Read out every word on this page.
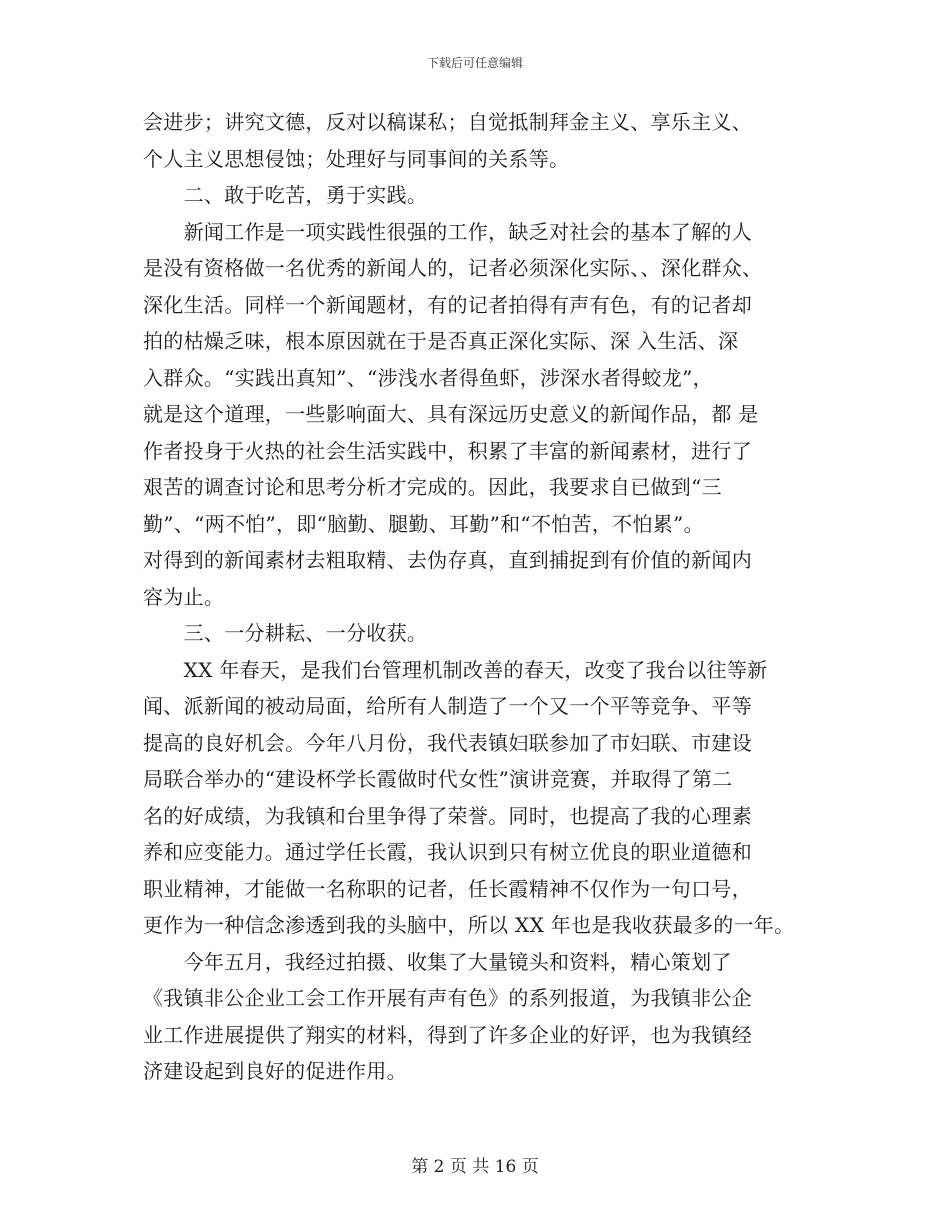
下载后可任意编辑
会进步；讲究文德，反对以稿谋私；自觉抵制拜金主义、享乐主义、
个人主义思想侵蚀；处理好与同事间的关系等。
　　二、敢于吃苦，勇于实践。
　　新闻工作是一项实践性很强的工作，缺乏对社会的基本了解的人
是没有资格做一名优秀的新闻人的，记者必须深化实际、、深化群众、
深化生活。同样一个新闻题材，有的记者拍得有声有色，有的记者却
拍的枯燥乏味，根本原因就在于是否真正深化实际、深 入生活、深
入群众。“实践出真知”、“涉浅水者得鱼虾，涉深水者得蛟龙”，
就是这个道理，一些影响面大、具有深远历史意义的新闻作品，都 是
作者投身于火热的社会生活实践中，积累了丰富的新闻素材，进行了
艰苦的调查讨论和思考分析才完成的。因此，我要求自已做到“三
勤”、“两不怕”，即“脑勤、腿勤、耳勤”和“不怕苦，不怕累”。
对得到的新闻素材去粗取精、去伪存真，直到捕捉到有价值的新闻内
容为止。
　　三、一分耕耘、一分收获。
　　XX 年春天，是我们台管理机制改善的春天，改变了我台以往等新
闻、派新闻的被动局面，给所有人制造了一个又一个平等竞争、平等
提高的良好机会。今年八月份，我代表镇妇联参加了市妇联、市建设
局联合举办的“建设杯学长霞做时代女性”演讲竞赛，并取得了第二
名的好成绩，为我镇和台里争得了荣誉。同时，也提高了我的心理素
养和应变能力。通过学任长霞，我认识到只有树立优良的职业道德和
职业精神，才能做一名称职的记者，任长霞精神不仅作为一句口号，
更作为一种信念渗透到我的头脑中，所以 XX 年也是我收获最多的一年。
　　今年五月，我经过拍摄、收集了大量镜头和资料，精心策划了
《我镇非公企业工会工作开展有声有色》的系列报道，为我镇非公企
业工作进展提供了翔实的材料，得到了许多企业的好评，也为我镇经
济建设起到良好的促进作用。
第 2 页 共 16 页
